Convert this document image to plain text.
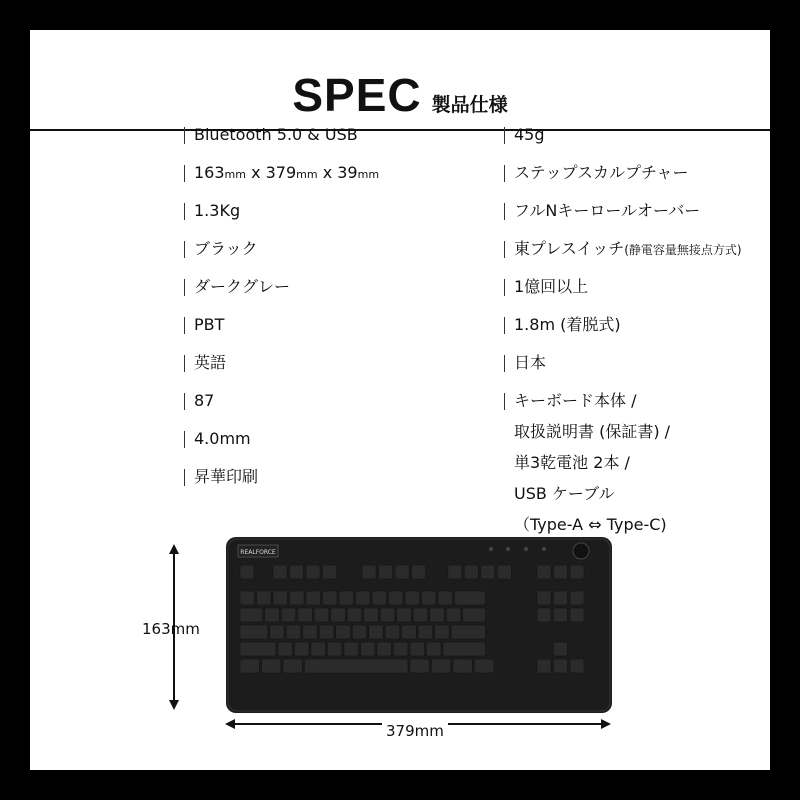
SPEC 製品仕様
Bluetooth 5.0 & USB
163mm x 379mm x 39mm
1.3Kg
ブラック
ダークグレー
PBT
英語
87
4.0mm
昇華印刷
45g
ステップスカルプチャー
フルNキーロールオーバー
東プレスイッチ(静電容量無接点方式)
1億回以上
1.8m (着脱式)
日本
キーボード本体 /
取扱説明書 (保証書) /
単3乾電池 2本 /
USB ケーブル
（Type-A ⇔ Type-C)
163mm
379mm
REALFORCE
